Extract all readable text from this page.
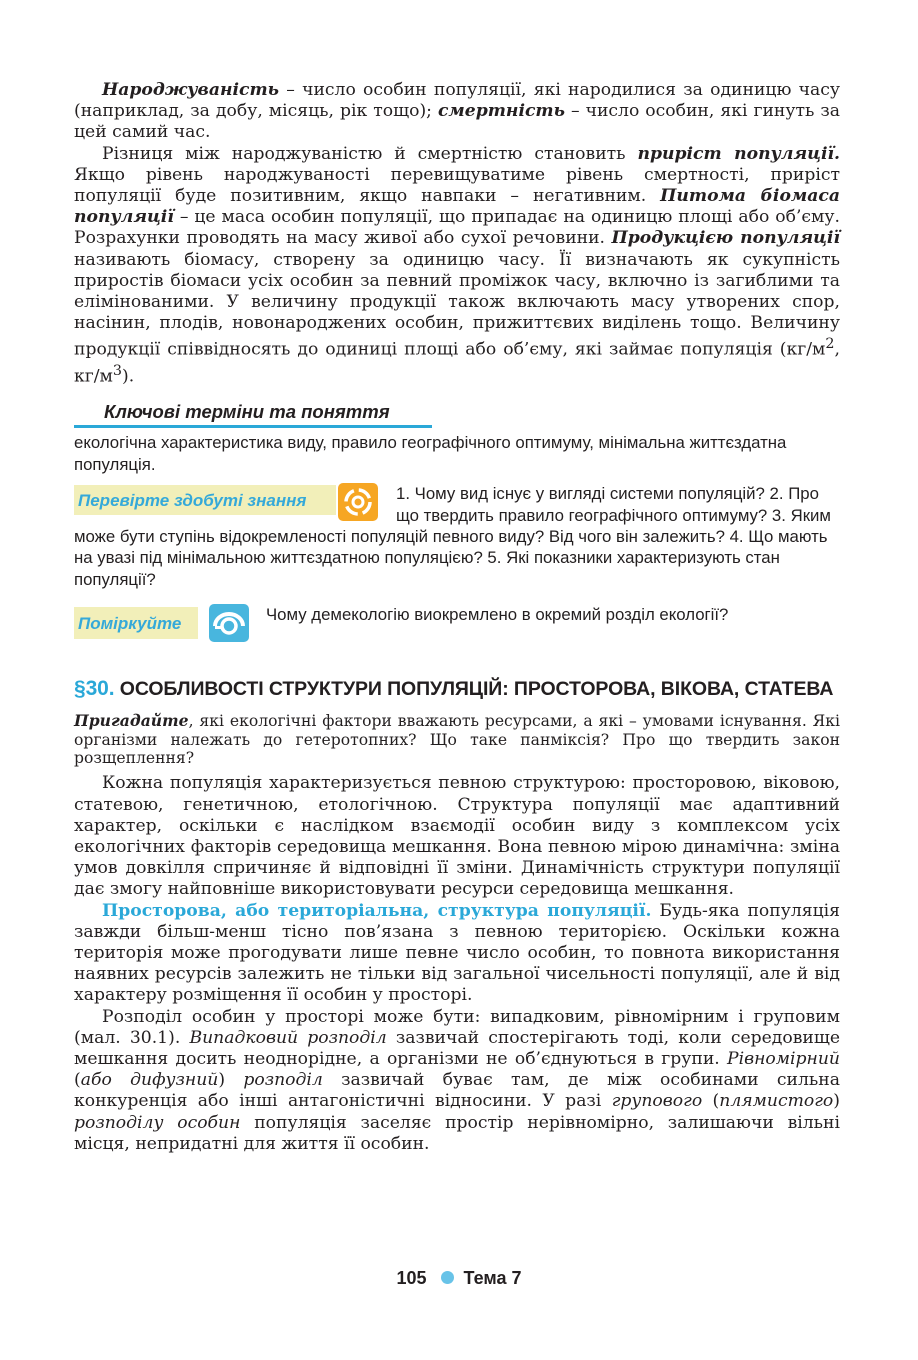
Народжуваність – число особин популяції, які народилися за одиницю часу (наприклад, за добу, місяць, рік тощо); смертність – число особин, які гинуть за цей самий час.

Різниця між народжуваністю й смертністю становить приріст популяції. Якщо рівень народжуваності перевищуватиме рівень смертності, приріст популяції буде позитивним, якщо навпаки – негативним. Питома біомаса популяції – це маса особин популяції, що припадає на одиницю площі або об’єму. Розрахунки проводять на масу живої або сухої речовини. Продукцією популяції називають біомасу, створену за одиницю часу. Її визначають як сукупність приростів біомаси усіх особин за певний проміжок часу, включно із загиблими та елімінованими. У величину продукції також включають масу утворених спор, насінин, плодів, новонароджених особин, прижиттєвих виділень тощо. Величину продукції співвідносять до одиниці площі або об’єму, які займає популяція ($кг/м^2$, $кг/м^3$).

Ключові терміни та поняття

екологічна характеристика виду, правило географічного оптимуму, мінімальна життєздатна популяція.

Перевірте здобуті знання	1. Чому вид існує у вигляді системи популяцій? 2. Про що твердить правило географічного оптимуму? 3. Яким може бути ступінь відокремленості популяцій певного виду? Від чого він залежить? 4. Що мають на увазі під мінімальною життєздатною популяцією? 5. Які показники характеризують стан популяції?
Поміркуйте	Чому демекологію виокремлено в окремий розділ екології?
§30. ОСОБЛИВОСТІ СТРУКТУРИ ПОПУЛЯЦІЙ: ПРОСТОРОВА, ВІКОВА, СТАТЕВА

Пригадайте, які екологічні фактори вважають ресурсами, а які – умовами існування. Які організми належать до гетеротопних? Що таке панміксія? Про що твердить закон розщеплення?

Кожна популяція характеризується певною структурою: просторовою, віковою, статевою, генетичною, етологічною. Структура популяції має адаптивний характер, оскільки є наслідком взаємодії особин виду з комплексом усіх екологічних факторів середовища мешкання. Вона певною мірою динамічна: зміна умов довкілля спричиняє й відповідні її зміни. Динамічність структури популяції дає змогу найповніше використовувати ресурси середовища мешкання.

Просторова, або територіальна, структура популяції. Будь-яка популяція завжди більш-менш тісно пов’язана з певною територією. Оскільки кожна територія може прогодувати лише певне число особин, то повнота використання наявних ресурсів залежить не тільки від загальної чисельності популяції, але й від характеру розміщення її особин у просторі.

Розподіл особин у просторі може бути: випадковим, рівномірним і груповим (мал. 30.1). Випадковий розподіл зазвичай спостерігають тоді, коли середовище мешкання досить неоднорідне, а організми не об’єднуються в групи. Рівномірний (або дифузний) розподіл зазвичай буває там, де між особинами сильна конкуренція або інші антагоністичні відносини. У разі групового (плямистого) розподілу особин популяція заселяє простір нерівномірно, залишаючи вільні місця, непридатні для життя її особин.

105 Тема 7
